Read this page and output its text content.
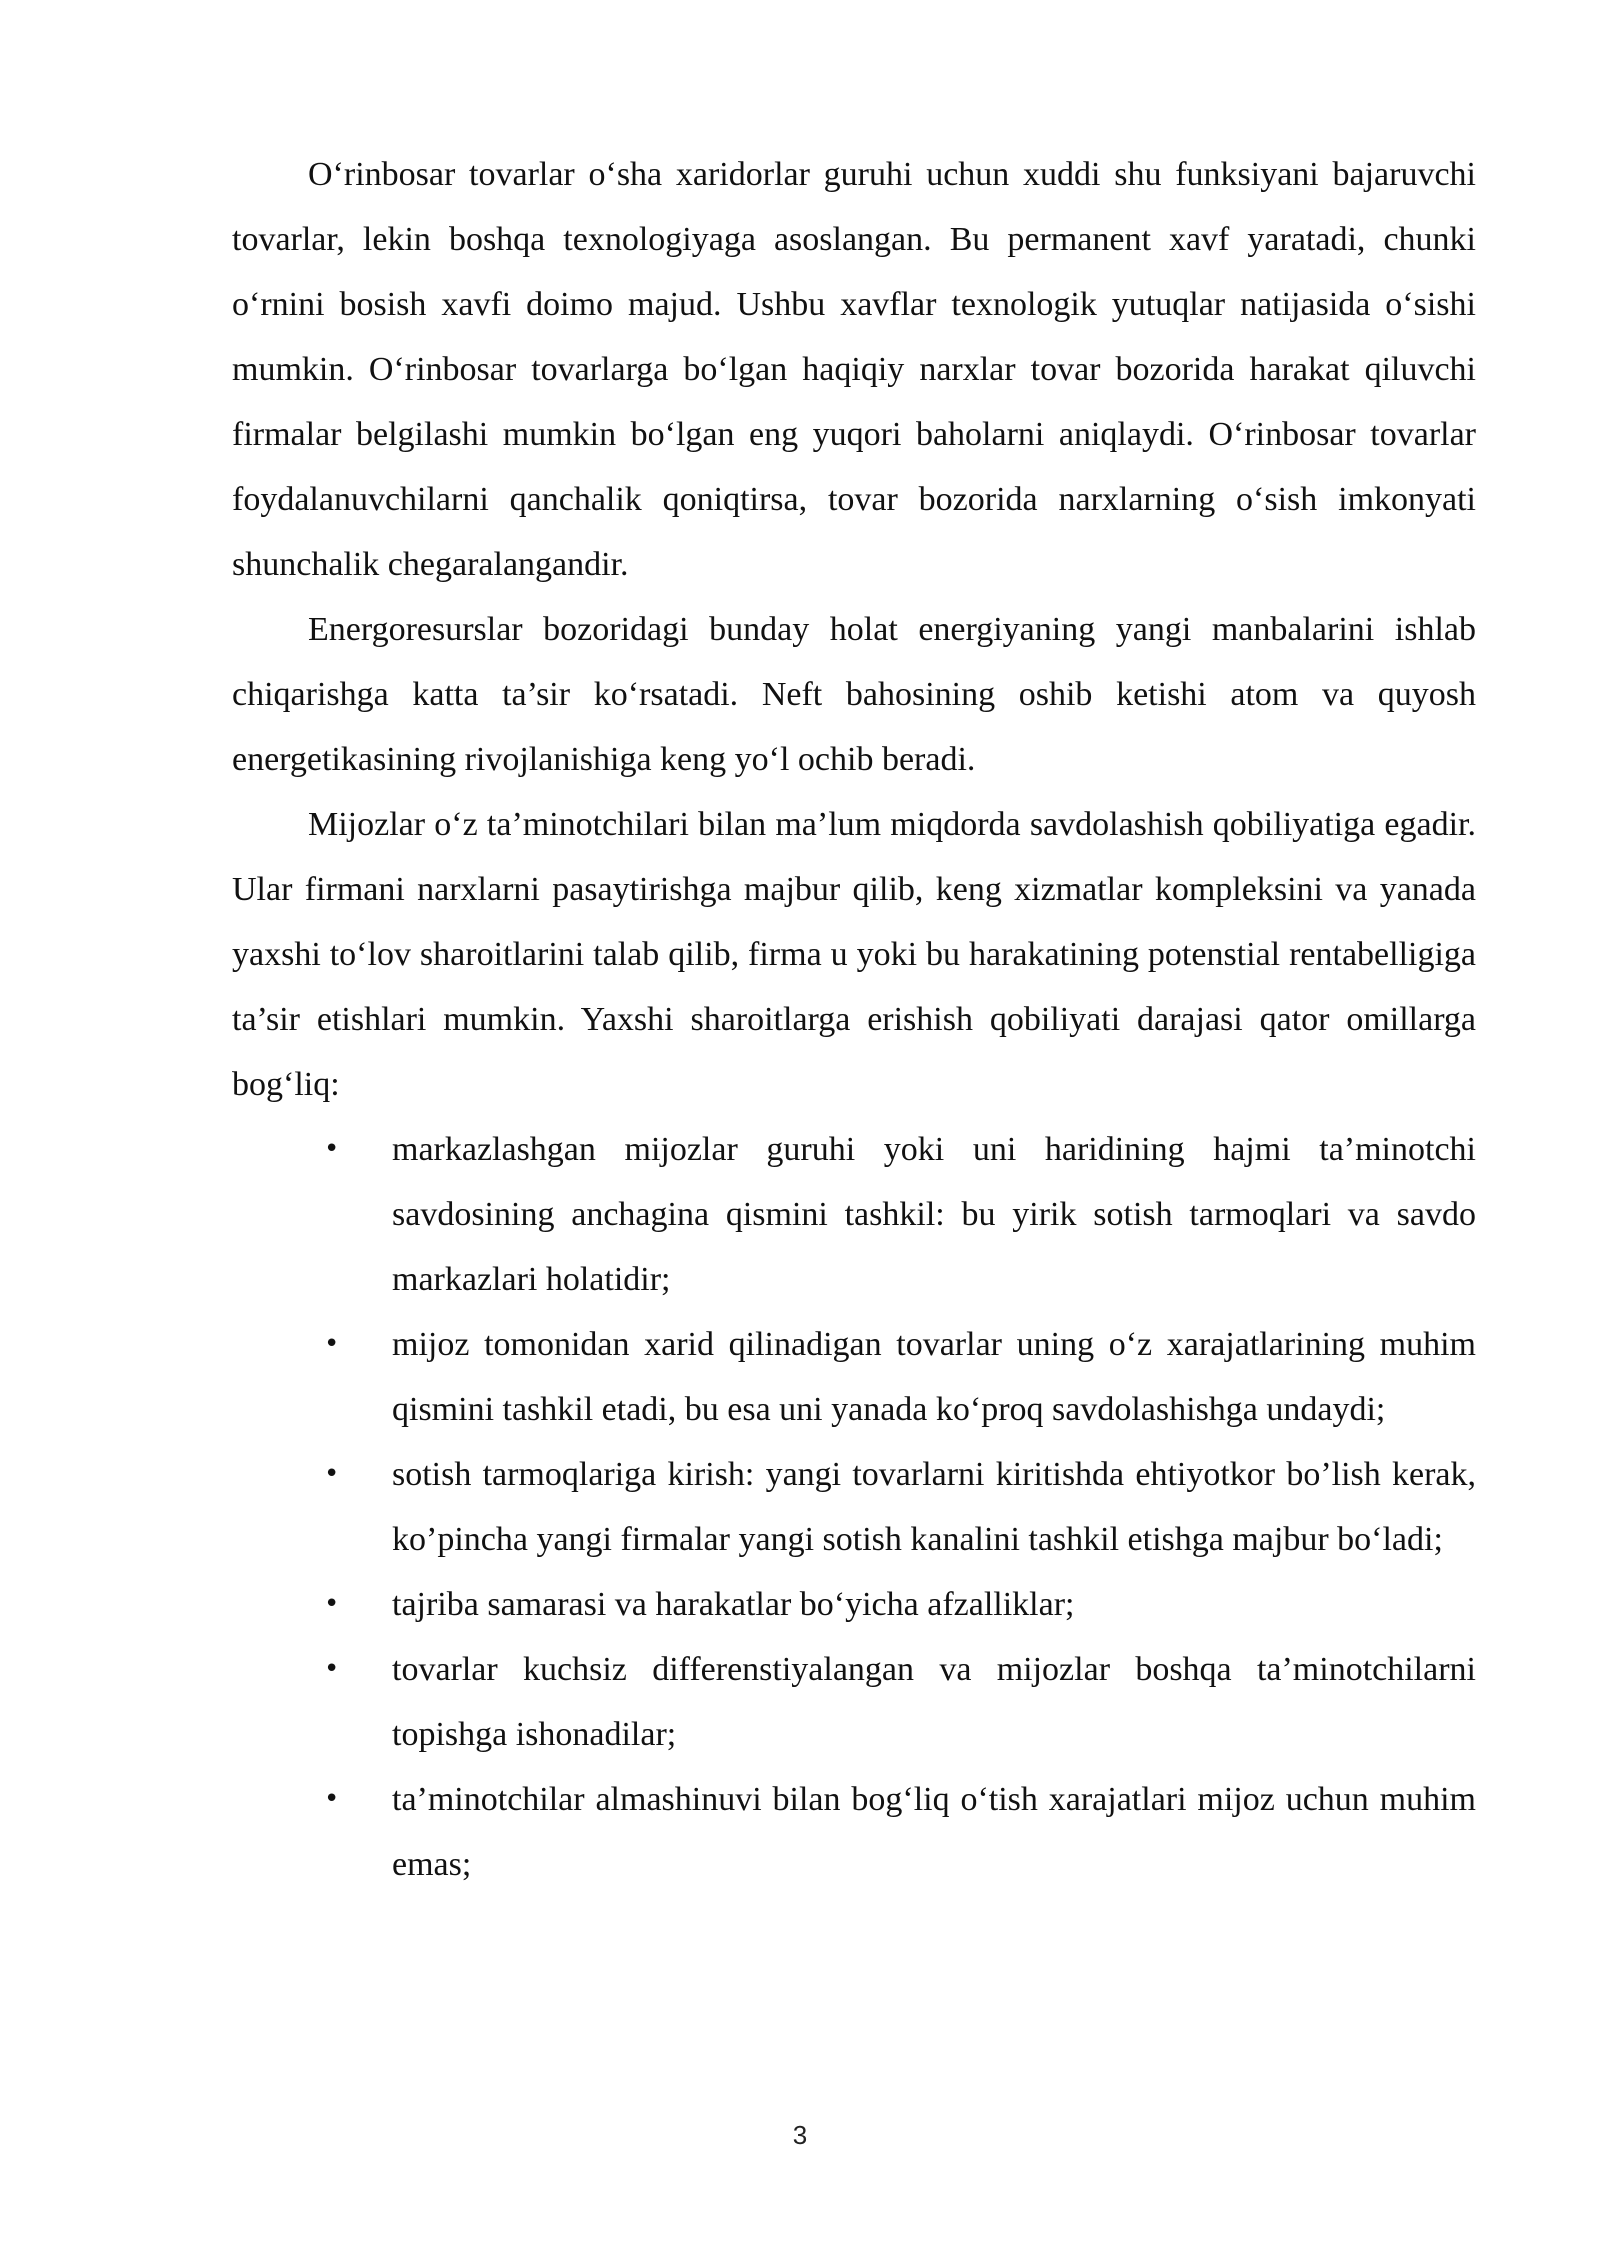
O‘rinbosar tovarlar o‘sha xaridorlar guruhi uchun xuddi shu funksiyani bajaruvchi tovarlar, lekin boshqa texnologiyaga asoslangan. Bu permanent xavf yaratadi, chunki o‘rnini bosish xavfi doimo majud. Ushbu xavflar texnologik yutuqlar natijasida o‘sishi mumkin. O‘rinbosar tovarlarga bo‘lgan haqiqiy narxlar tovar bozorida harakat qiluvchi firmalar belgilashi mumkin bo‘lgan eng yuqori baholarni aniqlaydi. O‘rinbosar tovarlar foydalanuvchilarni qanchalik qoniqtirsa, tovar bozorida narxlarning o‘sish imkonyati shunchalik chegaralangandir.

Energoresurslar bozoridagi bunday holat energiyaning yangi manbalarini ishlab chiqarishga katta ta’sir ko‘rsatadi. Neft bahosining oshib ketishi atom va quyosh energetikasining rivojlanishiga keng yo‘l ochib beradi.

Mijozlar o‘z ta’minotchilari bilan ma’lum miqdorda savdolashish qobiliyatiga egadir. Ular firmani narxlarni pasaytirishga majbur qilib, keng xizmatlar kompleksini va yanada yaxshi to‘lov sharoitlarini talab qilib, firma u yoki bu harakatining potenstial rentabelligiga ta’sir etishlari mumkin. Yaxshi sharoitlarga erishish qobiliyati darajasi qator omillarga bog‘liq:

• markazlashgan mijozlar guruhi yoki uni haridining hajmi ta’minotchi savdosining anchagina qismini tashkil: bu yirik sotish tarmoqlari va savdo markazlari holatidir;
• mijoz tomonidan xarid qilinadigan tovarlar uning o‘z xarajatlarining muhim qismini tashkil etadi, bu esa uni yanada ko‘proq savdolashishga undaydi;
• sotish tarmoqlariga kirish: yangi tovarlarni kiritishda ehtiyotkor bo’lish kerak, ko’pincha yangi firmalar yangi sotish kanalini tashkil etishga majbur bo‘ladi;
• tajriba samarasi va harakatlar bo‘yicha afzalliklar;
• tovarlar kuchsiz differenstiyalangan va mijozlar boshqa ta’minotchilarni topishga ishonadilar;
• ta’minotchilar almashinuvi bilan bog‘liq o‘tish xarajatlari mijoz uchun muhim emas;
3
